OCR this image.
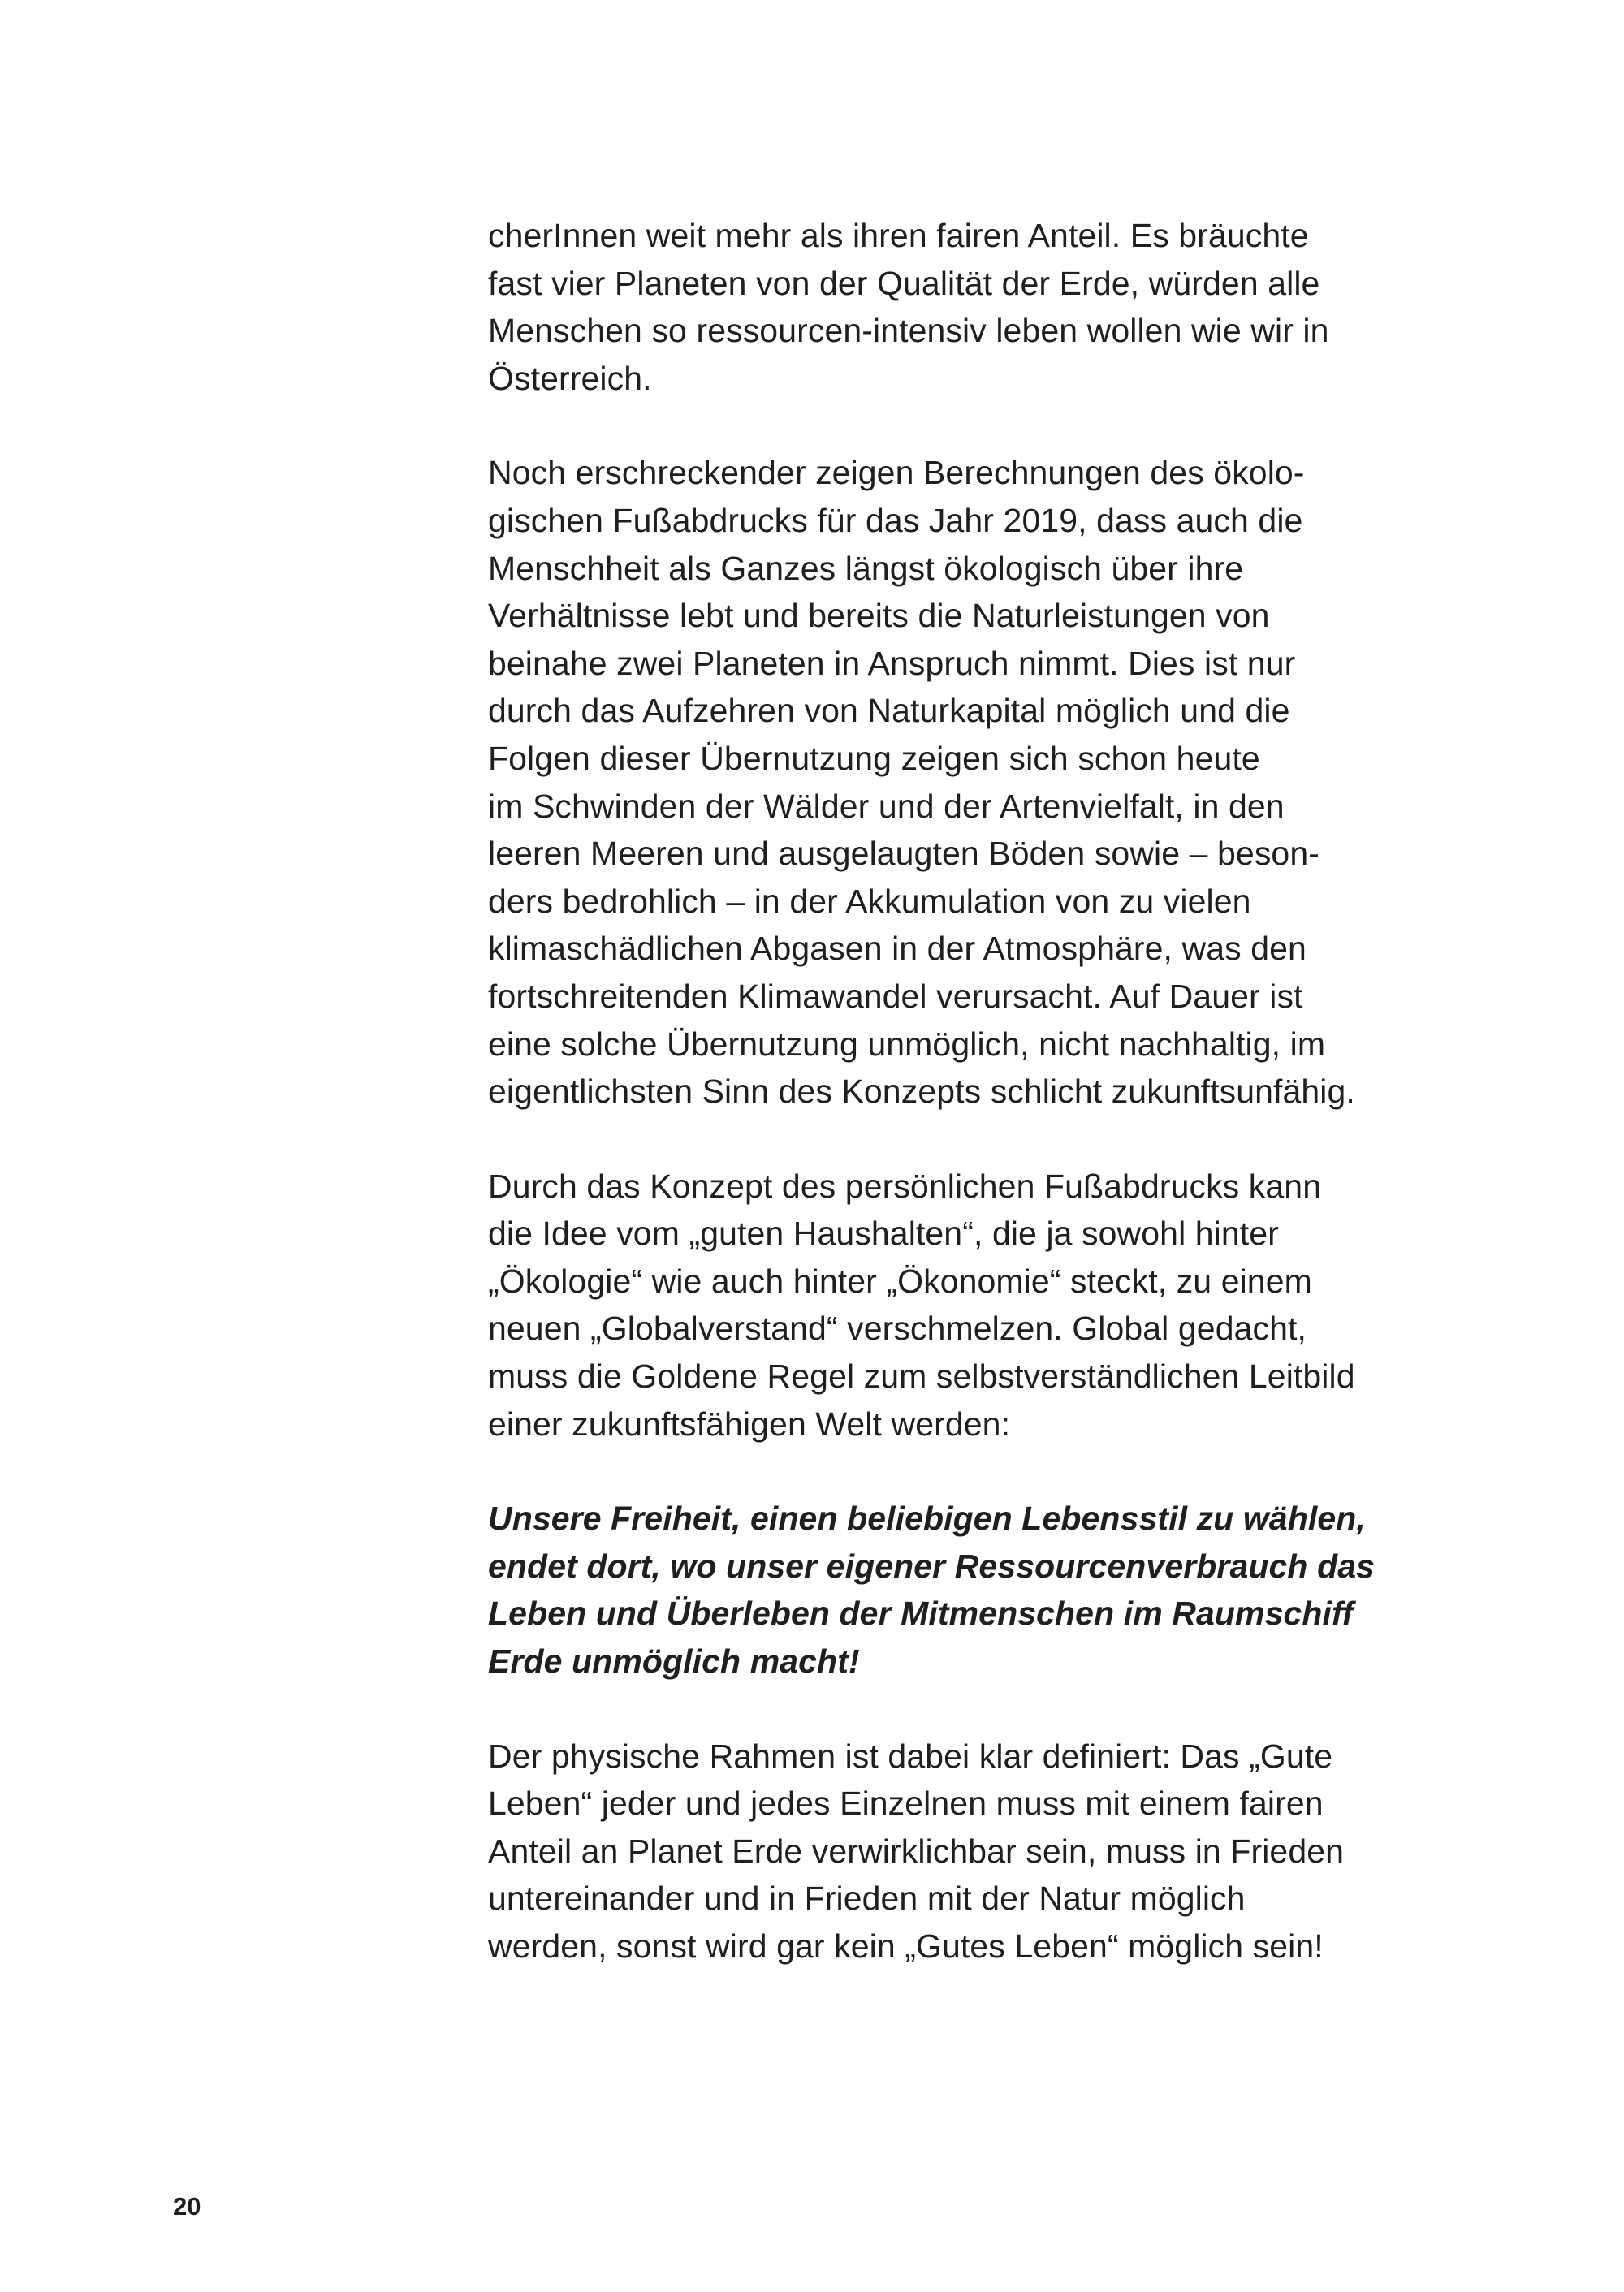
cherInnen weit mehr als ihren fairen Anteil. Es bräuchte
fast vier Planeten von der Qualität der Erde, würden alle
Menschen so ressourcen-intensiv leben wollen wie wir in
Österreich.

Noch erschreckender zeigen Berechnungen des ökolo-
gischen Fußabdrucks für das Jahr 2019, dass auch die
Menschheit als Ganzes längst ökologisch über ihre
Verhältnisse lebt und bereits die Naturleistungen von
beinahe zwei Planeten in Anspruch nimmt. Dies ist nur
durch das Aufzehren von Naturkapital möglich und die
Folgen dieser Übernutzung zeigen sich schon heute
im Schwinden der Wälder und der Artenvielfalt, in den
leeren Meeren und ausgelaugten Böden sowie – beson-
ders bedrohlich – in der Akkumulation von zu vielen
klimaschädlichen Abgasen in der Atmosphäre, was den
fortschreitenden Klimawandel verursacht. Auf Dauer ist
eine solche Übernutzung unmöglich, nicht nachhaltig, im
eigentlichsten Sinn des Konzepts schlicht zukunftsunfähig.

Durch das Konzept des persönlichen Fußabdrucks kann
die Idee vom „guten Haushalten“, die ja sowohl hinter
„Ökologie“ wie auch hinter „Ökonomie“ steckt, zu einem
neuen „Globalverstand“ verschmelzen. Global gedacht,
muss die Goldene Regel zum selbstverständlichen Leitbild
einer zukunftsfähigen Welt werden:

Unsere Freiheit, einen beliebigen Lebensstil zu wählen,
endet dort, wo unser eigener Ressourcenverbrauch das
Leben und Überleben der Mitmenschen im Raumschiff
Erde unmöglich macht!

Der physische Rahmen ist dabei klar definiert: Das „Gute
Leben“ jeder und jedes Einzelnen muss mit einem fairen
Anteil an Planet Erde verwirklichbar sein, muss in Frieden
untereinander und in Frieden mit der Natur möglich
werden, sonst wird gar kein „Gutes Leben“ möglich sein!

20
